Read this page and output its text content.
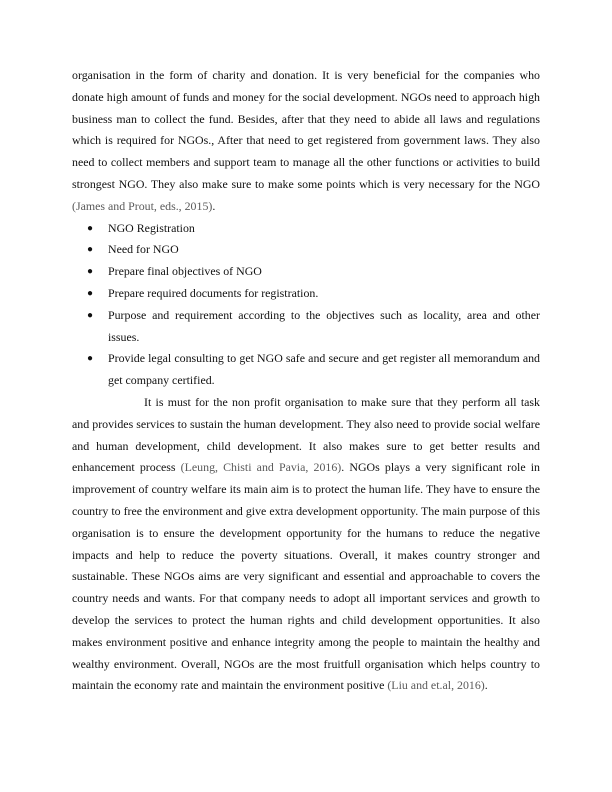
organisation in the form of charity and donation. It is very beneficial for the companies who donate high amount of funds and money for the social development. NGOs need to approach high business man to collect the fund. Besides, after that they need to abide all laws and regulations which is required for NGOs., After that need to get registered from government laws. They also need to collect members and support team to manage all the other functions or activities to build strongest NGO. They also make sure to make some points which is very necessary for the NGO (James and Prout, eds., 2015).

● NGO Registration
● Need for NGO
● Prepare final objectives of NGO
● Prepare required documents for registration.
● Purpose and requirement according to the objectives such as locality, area and other issues.
● Provide legal consulting to get NGO safe and secure and get register all memorandum and get company certified.

It is must for the non profit organisation to make sure that they perform all task and provides services to sustain the human development. They also need to provide social welfare and human development, child development. It also makes sure to get better results and enhancement process (Leung, Chisti and Pavia, 2016). NGOs plays a very significant role in improvement of country welfare its main aim is to protect the human life. They have to ensure the country to free the environment and give extra development opportunity. The main purpose of this organisation is to ensure the development opportunity for the humans to reduce the negative impacts and help to reduce the poverty situations. Overall, it makes country stronger and sustainable. These NGOs aims are very significant and essential and approachable to covers the country needs and wants. For that company needs to adopt all important services and growth to develop the services to protect the human rights and child development opportunities. It also makes environment positive and enhance integrity among the people to maintain the healthy and wealthy environment. Overall, NGOs are the most fruitfull organisation which helps country to maintain the economy rate and maintain the environment positive (Liu and et.al, 2016).
